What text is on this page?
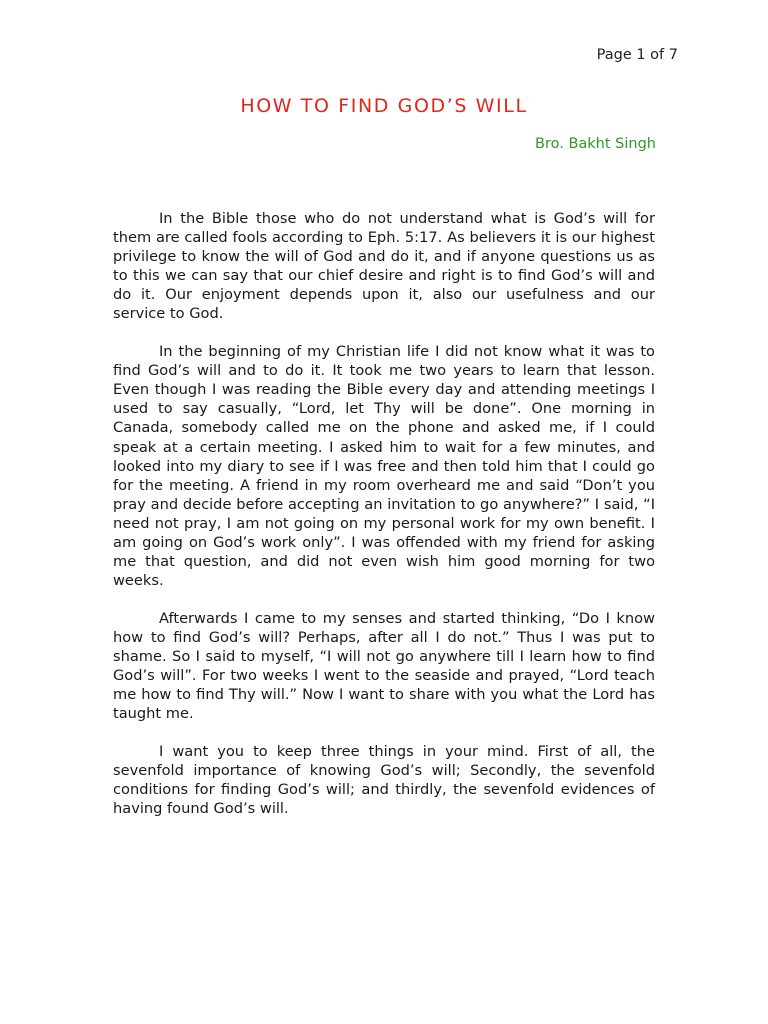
Page 1 of 7
HOW TO FIND GOD’S WILL
Bro. Bakht Singh

In the Bible those who do not understand what is God’s will for them are called fools according to Eph. 5:17. As believers it is our highest privilege to know the will of God and do it, and if anyone questions us as to this we can say that our chief desire and right is to find God’s will and do it. Our enjoyment depends upon it, also our usefulness and our service to God.

In the beginning of my Christian life I did not know what it was to find God’s will and to do it. It took me two years to learn that lesson. Even though I was reading the Bible every day and attending meetings I used to say casually, “Lord, let Thy will be done”. One morning in Canada, somebody called me on the phone and asked me, if I could speak at a certain meeting. I asked him to wait for a few minutes, and looked into my diary to see if I was free and then told him that I could go for the meeting. A friend in my room overheard me and said “Don’t you pray and decide before accepting an invitation to go anywhere?” I said, “I need not pray, I am not going on my personal work for my own benefit. I am going on God’s work only”. I was offended with my friend for asking me that question, and did not even wish him good morning for two weeks.

Afterwards I came to my senses and started thinking, “Do I know how to find God’s will? Perhaps, after all I do not.” Thus I was put to shame. So I said to myself, “I will not go anywhere till I learn how to find God’s will”. For two weeks I went to the seaside and prayed, “Lord teach me how to find Thy will.” Now I want to share with you what the Lord has taught me.

I want you to keep three things in your mind. First of all, the sevenfold importance of knowing God’s will; Secondly, the sevenfold conditions for finding God’s will; and thirdly, the sevenfold evidences of having found God’s will.
